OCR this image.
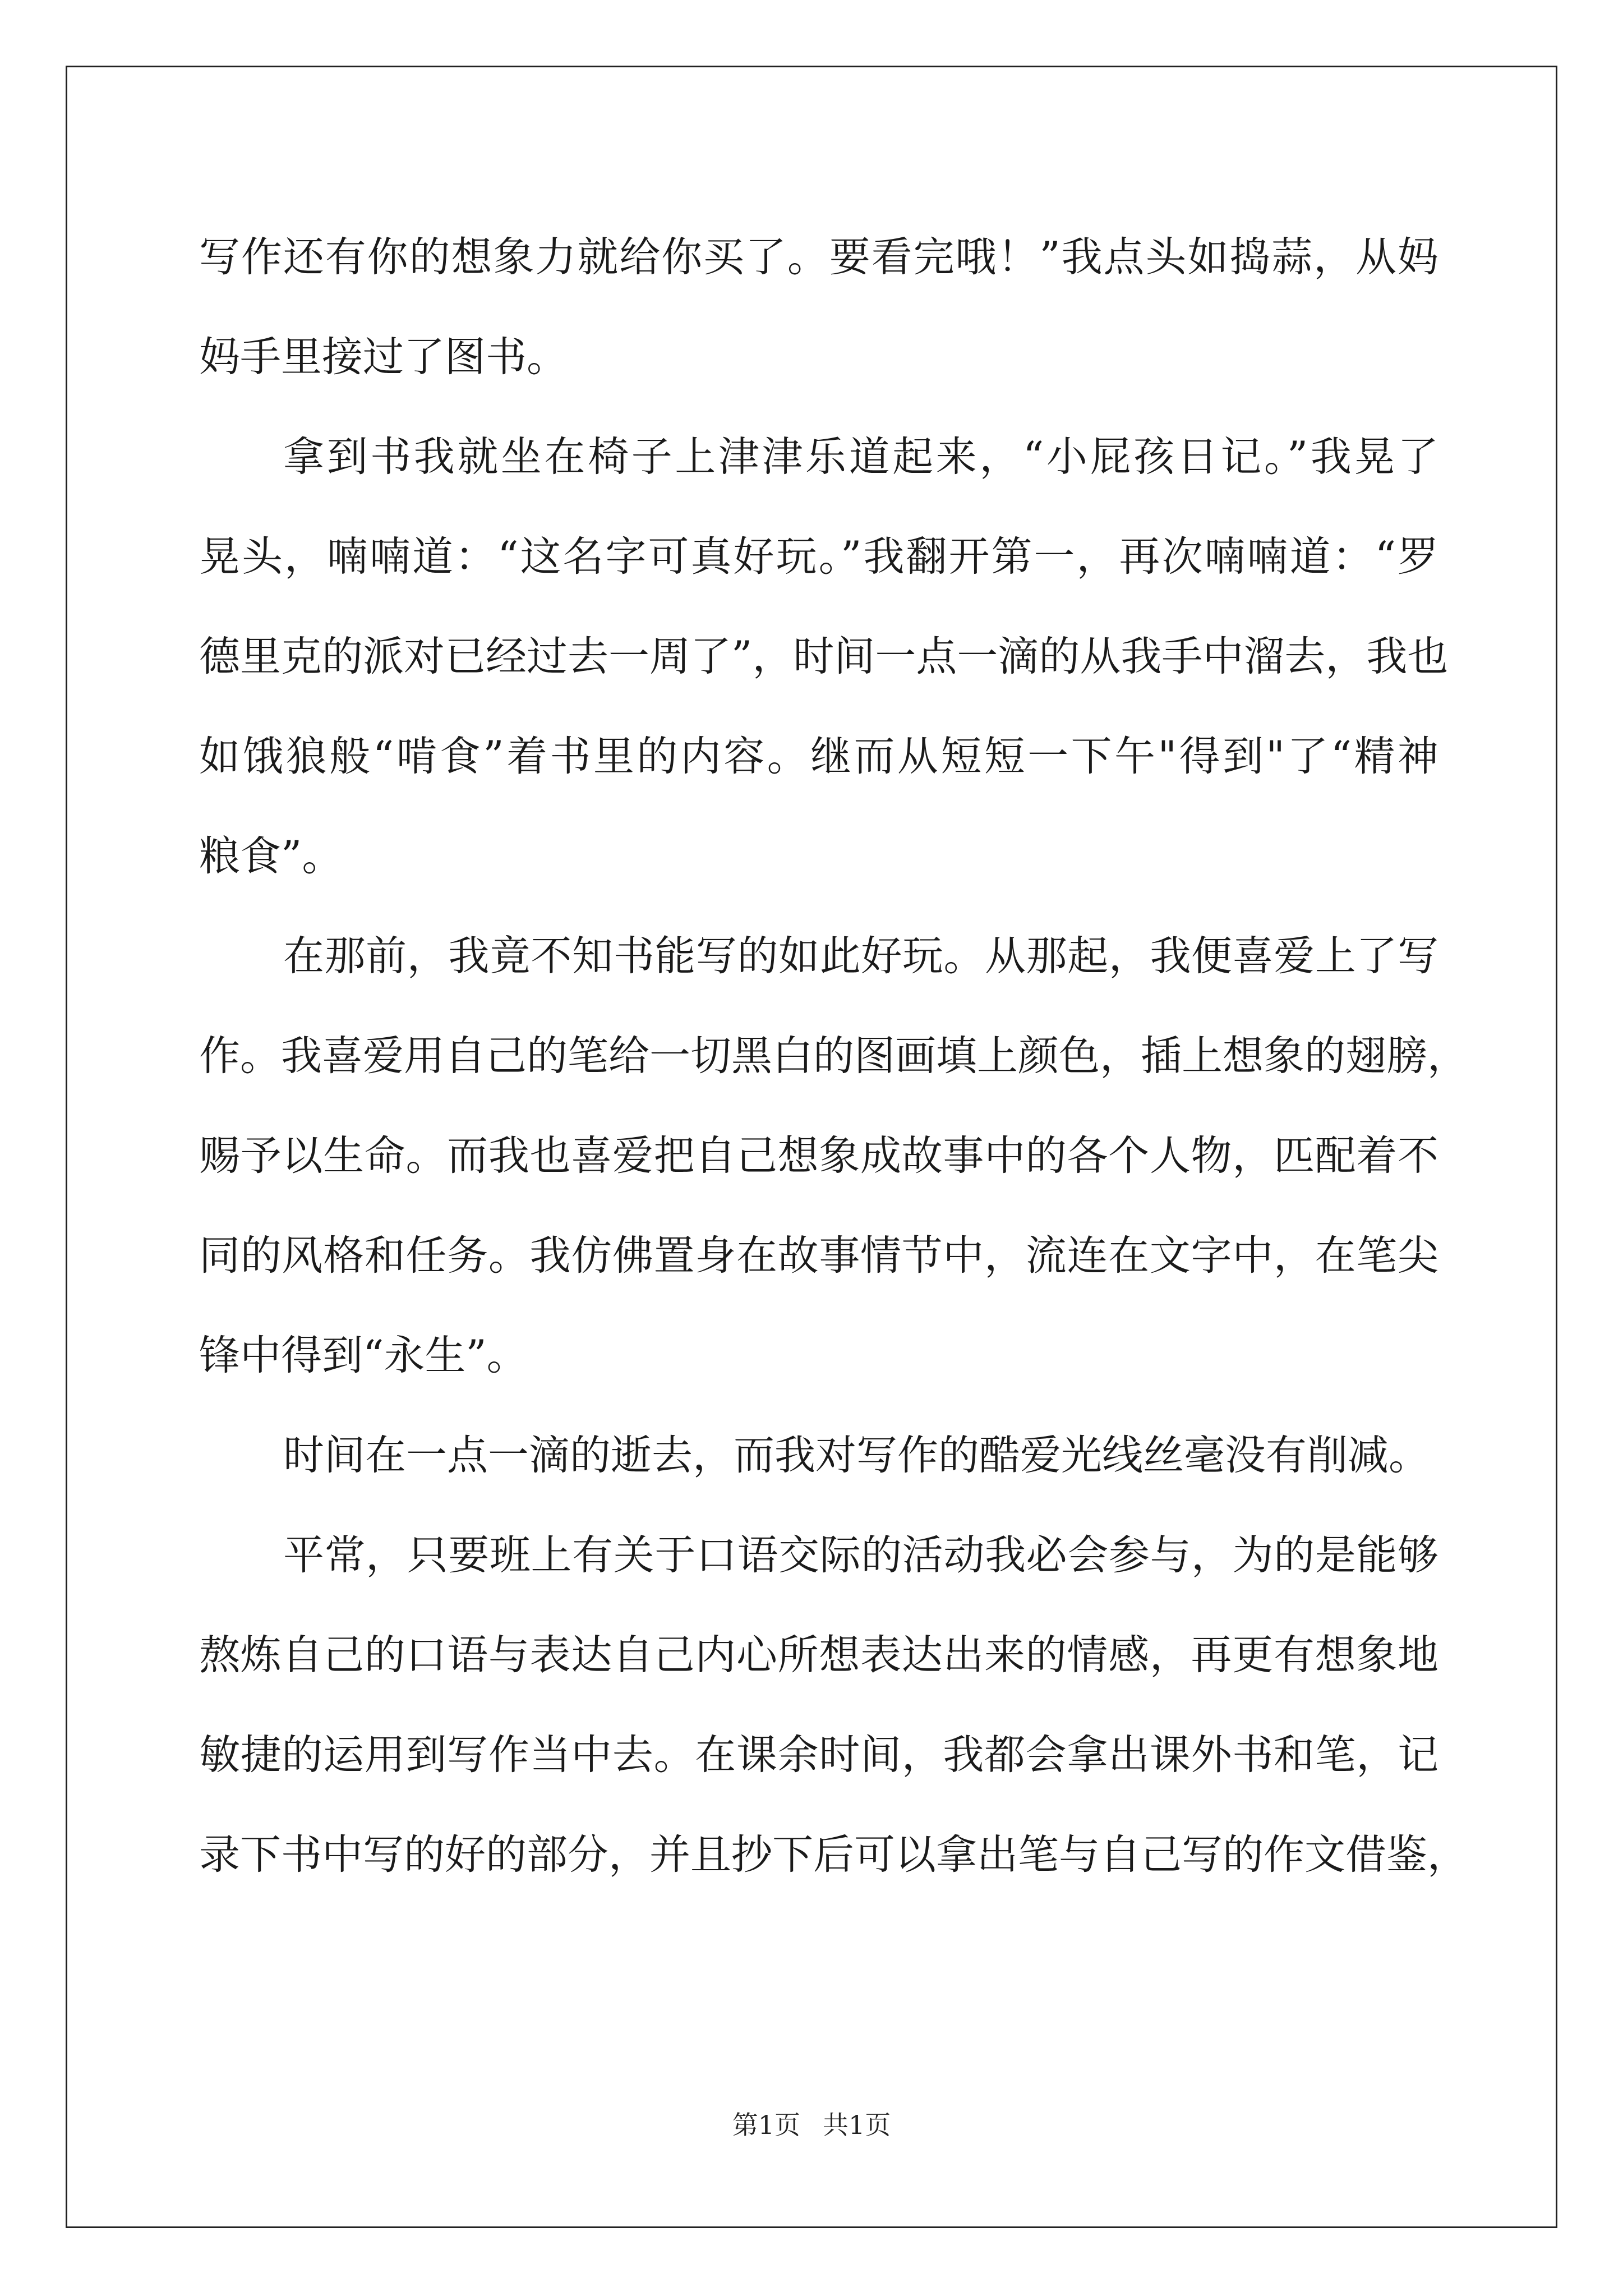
写作还有你的想象力就给你买了。要看完哦！”我点头如捣蒜，从妈
妈手里接过了图书。
拿到书我就坐在椅子上津津乐道起来，“小屁孩日记。”我晃了
晃头，喃喃道：“这名字可真好玩。”我翻开第一，再次喃喃道：“罗
德里克的派对已经过去一周了”，时间一点一滴的从我手中溜去，我也
如饿狼般“啃食”着书里的内容。继而从短短一下午"得到"了“精神
粮食”。
在那前，我竟不知书能写的如此好玩。从那起，我便喜爱上了写
作。我喜爱用自己的笔给一切黑白的图画填上颜色，插上想象的翅膀，
赐予以生命。而我也喜爱把自己想象成故事中的各个人物，匹配着不
同的风格和任务。我仿佛置身在故事情节中，流连在文字中，在笔尖
锋中得到“永生”。
时间在一点一滴的逝去，而我对写作的酷爱光线丝毫没有削减。
平常，只要班上有关于口语交际的活动我必会参与，为的是能够
熬炼自己的口语与表达自己内心所想表达出来的情感，再更有想象地
敏捷的运用到写作当中去。在课余时间，我都会拿出课外书和笔，记
录下书中写的好的部分，并且抄下后可以拿出笔与自己写的作文借鉴，
第1页 共1页
